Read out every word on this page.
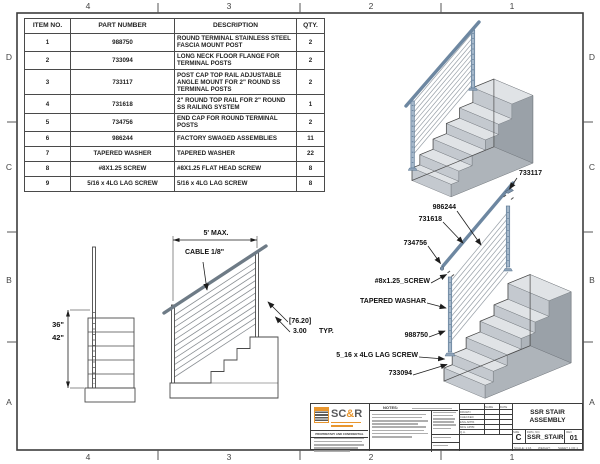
4	3	2	1
4	3	2	1
D
C
B
A
D
C
B
A
ITEM NO.	PART NUMBER	DESCRIPTION	QTY.
1	988750	ROUND TERMINAL STAINLESS STEEL FASCIA MOUNT POST	2
2	733094	LONG NECK FLOOR FLANGE FOR TERMINAL POSTS	2
3	733117	POST CAP TOP RAIL ADJUSTABLE ANGLE MOUNT FOR 2" ROUND SS TERMINAL POSTS	2
4	731618	2" ROUND TOP RAIL FOR 2" ROUND SS RAILING SYSTEM	1
5	734756	END CAP FOR ROUND TERMINAL POSTS	2
6	986244	FACTORY SWAGED ASSEMBLIES	11
7	TAPERED WASHER	TAPERED WASHER	22
8	#8X1.25 SCREW	#8X1.25 FLAT HEAD SCREW	8
9	5/16 x 4LG LAG SCREW	5/16 x 4LG LAG SCREW	8
5' MAX.
CABLE 1/8"
[76.20]
3.00 TYP.
36"
42"
733117
986244
731618
734756
#8x1.25_SCREW
TAPERED WASHAR
988750
5_16 x 4LG LAG SCREW
733094
SC&R
PROPRIETARY AND CONFIDENTIAL
NOTES:	NAME DATE
DRAWN
CHECKED
ENG APPR.
MFG APPR.
Q.A.
SSR STAIR ASSEMBLY
SIZE
C
DWG. NO.
SSR_STAIR
REV
01
SCALE: 1:16 WEIGHT:	SHEET 1 OF 1
